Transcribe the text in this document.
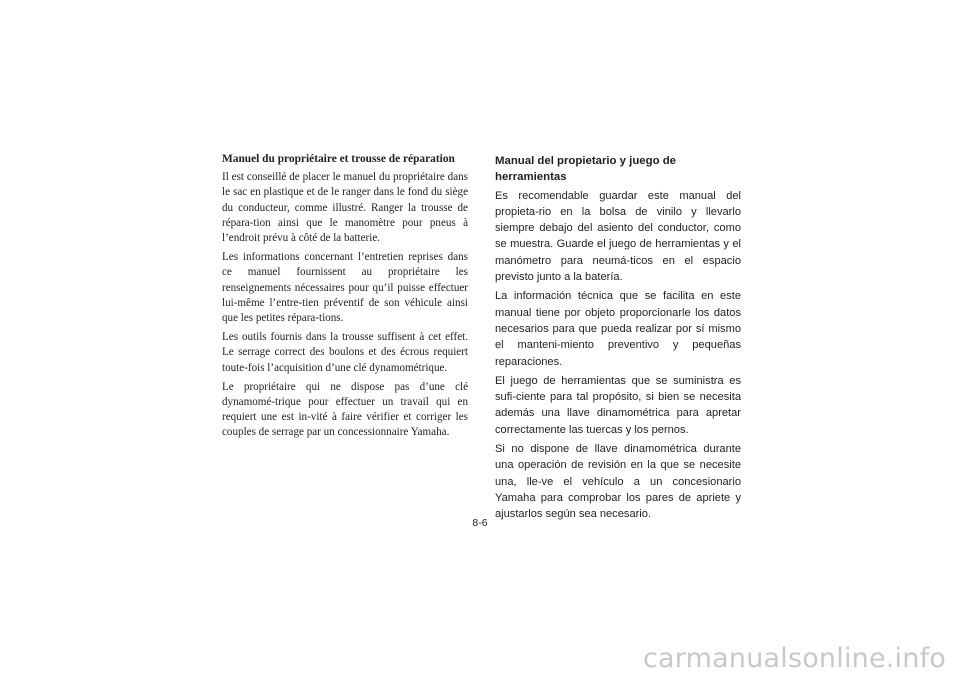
Manuel du propriétaire et trousse de réparation

Il est conseillé de placer le manuel du propriétaire dans le sac en plastique et de le ranger dans le fond du siège du conducteur, comme illustré. Ranger la trousse de répara-tion ainsi que le manomètre pour pneus à l’endroit prévu à côté de la batterie.

Les informations concernant l’entretien reprises dans ce manuel fournissent au propriétaire les renseignements nécessaires pour qu’il puisse effectuer lui-même l’entre-tien préventif de son véhicule ainsi que les petites répara-tions.

Les outils fournis dans la trousse suffisent à cet effet. Le serrage correct des boulons et des écrous requiert toute-fois l’acquisition d’une clé dynamométrique.

Le propriétaire qui ne dispose pas d’une clé dynamomé-trique pour effectuer un travail qui en requiert une est in-vité à faire vérifier et corriger les couples de serrage par un concessionnaire Yamaha.

Manual del propietario y juego de herramientas

Es recomendable guardar este manual del propieta-rio en la bolsa de vinilo y llevarlo siempre debajo del asiento del conductor, como se muestra. Guarde el juego de herramientas y el manómetro para neumá-ticos en el espacio previsto junto a la batería.

La información técnica que se facilita en este manual tiene por objeto proporcionarle los datos necesarios para que pueda realizar por sí mismo el manteni-miento preventivo y pequeñas reparaciones.

El juego de herramientas que se suministra es sufi-ciente para tal propósito, si bien se necesita además una llave dinamométrica para apretar correctamente las tuercas y los pernos.

Si no dispone de llave dinamométrica durante una operación de revisión en la que se necesite una, lle-ve el vehículo a un concesionario Yamaha para comprobar los pares de apriete y ajustarlos según sea necesario.

8-6
carmanualsonline.info
